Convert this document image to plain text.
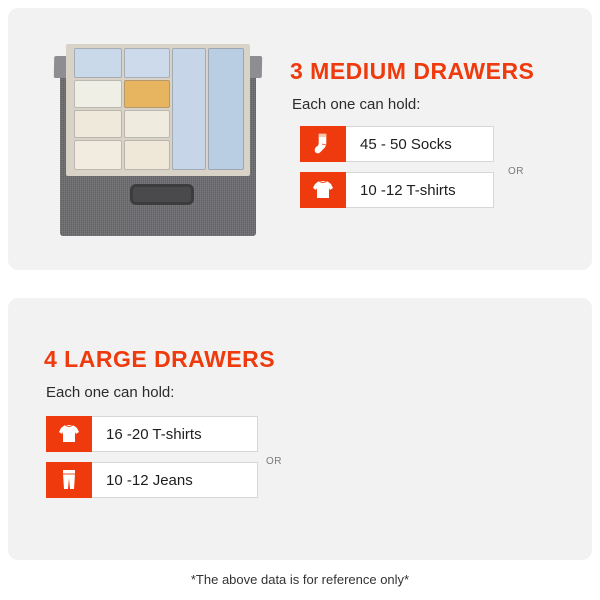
3 MEDIUM DRAWERS
Each one can hold:
45 - 50 Socks
10 -12 T-shirts
OR
4 LARGE DRAWERS
Each one can hold:
16 -20 T-shirts
10 -12 Jeans
OR
*The above data is for reference only*
